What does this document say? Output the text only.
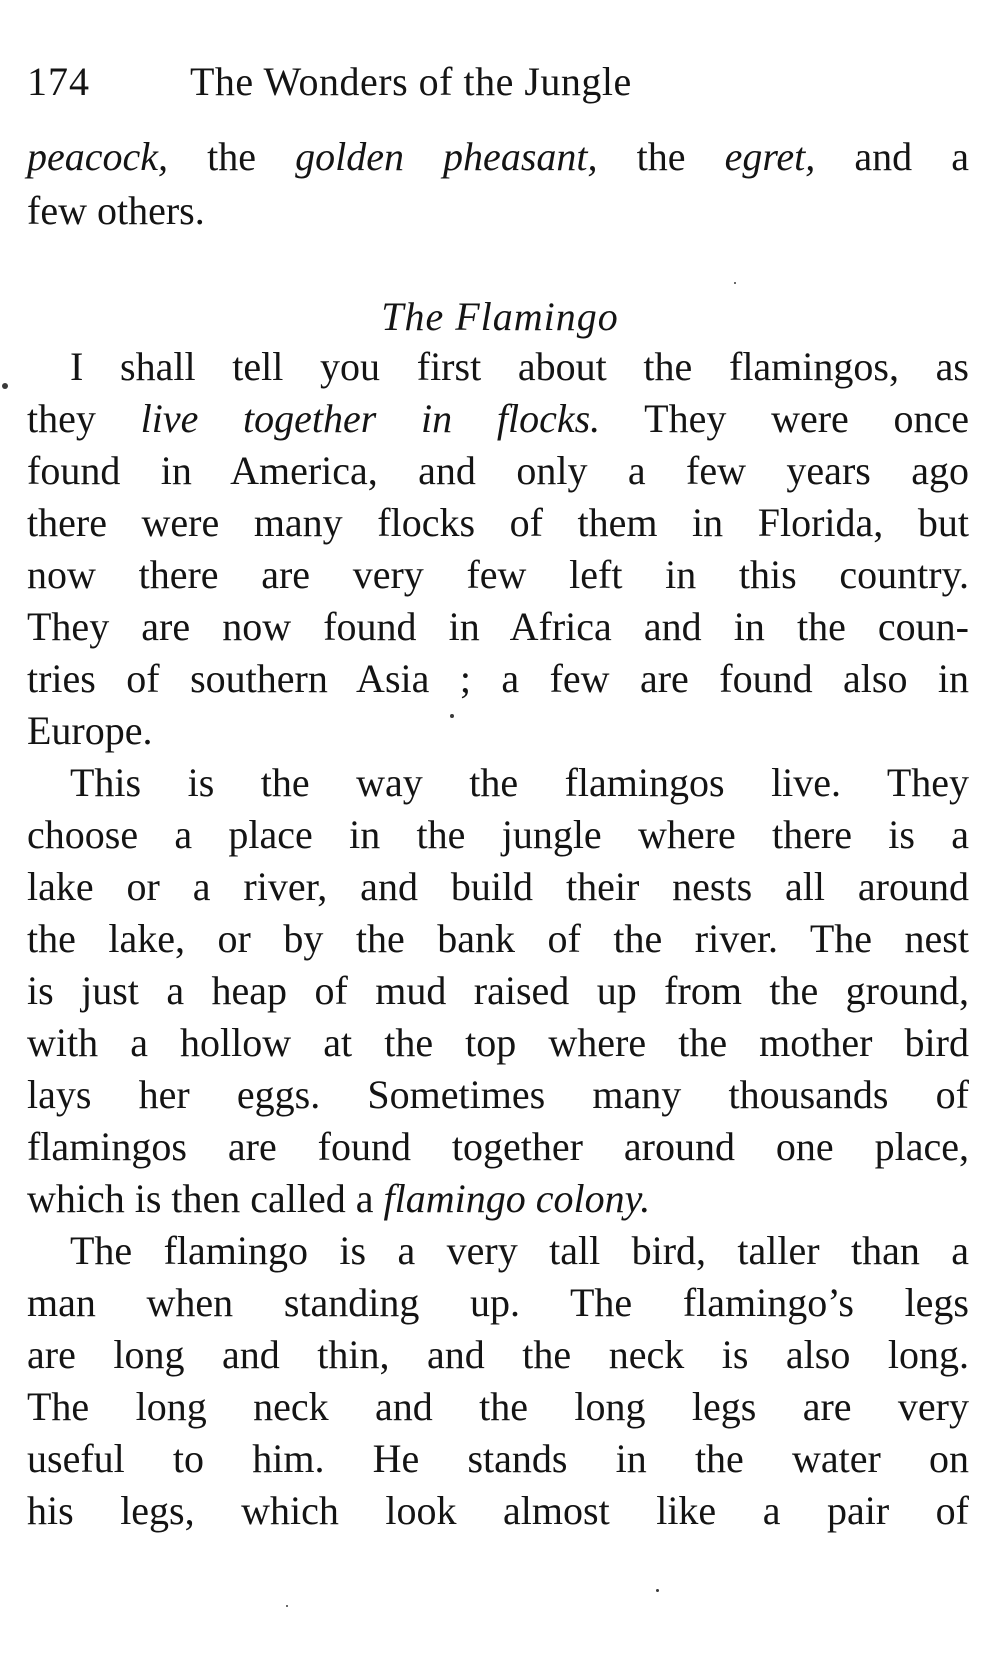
174	The Wonders of the Jungle
peacock, the golden pheasant, the egret, and a
few others.
The Flamingo
I shall tell you first about the flamingos, as
they live together in flocks. They were once
found in America, and only a few years ago
there were many flocks of them in Florida, but
now there are very few left in this country.
They are now found in Africa and in the coun-
tries of southern Asia ; a few are found also in
Europe.
This is the way the flamingos live. They
choose a place in the jungle where there is a
lake or a river, and build their nests all around
the lake, or by the bank of the river. The nest
is just a heap of mud raised up from the ground,
with a hollow at the top where the mother bird
lays her eggs. Sometimes many thousands of
flamingos are found together around one place,
which is then called a flamingo colony.
The flamingo is a very tall bird, taller than a
man when standing up. The flamingo’s legs
are long and thin, and the neck is also long.
The long neck and the long legs are very
useful to him. He stands in the water on
his legs, which look almost like a pair of
